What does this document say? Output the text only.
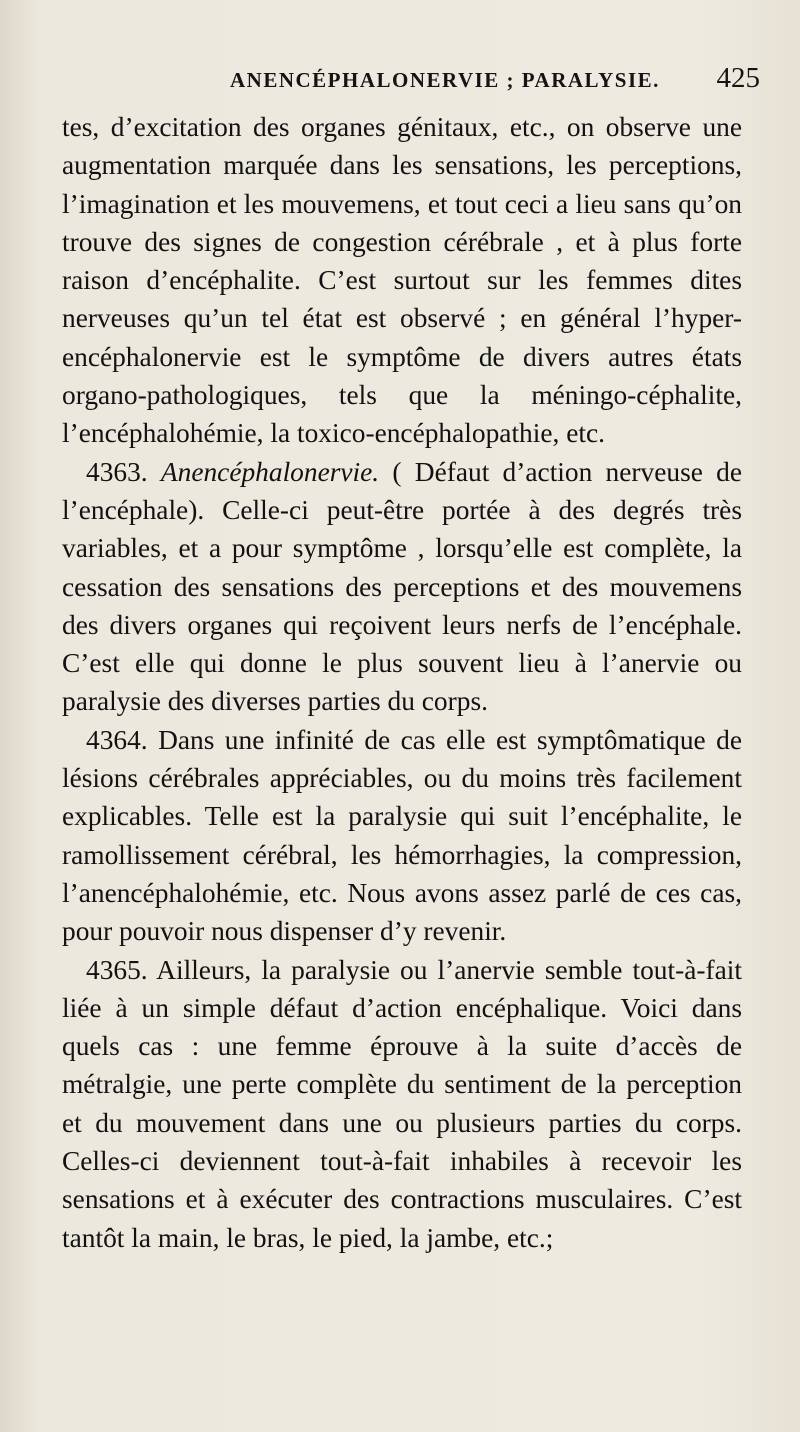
ANENCÉPHALONERVIE ; PARALYSIE. 425

tes, d’excitation des organes génitaux, etc., on observe une augmentation marquée dans les sensations, les perceptions, l’imagination et les mouvemens, et tout ceci a lieu sans qu’on trouve des signes de congestion cérébrale , et à plus forte raison d’encéphalite. C’est surtout sur les femmes dites nerveuses qu’un tel état est observé ; en général l’hyper-encéphalonervie est le symptôme de divers autres états organo-pathologiques, tels que la méningo-céphalite, l’encéphalohémie, la toxico-encéphalopathie, etc.

4363. Anencéphalonervie. ( Défaut d’action nerveuse de l’encéphale). Celle-ci peut-être portée à des degrés très variables, et a pour symptôme , lorsqu’elle est complète, la cessation des sensations des perceptions et des mouvemens des divers organes qui reçoivent leurs nerfs de l’encéphale. C’est elle qui donne le plus souvent lieu à l’anervie ou paralysie des diverses parties du corps.

4364. Dans une infinité de cas elle est symptômatique de lésions cérébrales appréciables, ou du moins très facilement explicables. Telle est la paralysie qui suit l’encéphalite, le ramollissement cérébral, les hémorrhagies, la compression, l’anencéphalohémie, etc. Nous avons assez parlé de ces cas, pour pouvoir nous dispenser d’y revenir.

4365. Ailleurs, la paralysie ou l’anervie semble tout-à-fait liée à un simple défaut d’action encéphalique. Voici dans quels cas : une femme éprouve à la suite d’accès de métralgie, une perte complète du sentiment de la perception et du mouvement dans une ou plusieurs parties du corps. Celles-ci deviennent tout-à-fait inhabiles à recevoir les sensations et à exécuter des contractions musculaires. C’est tantôt la main, le bras, le pied, la jambe, etc.;
